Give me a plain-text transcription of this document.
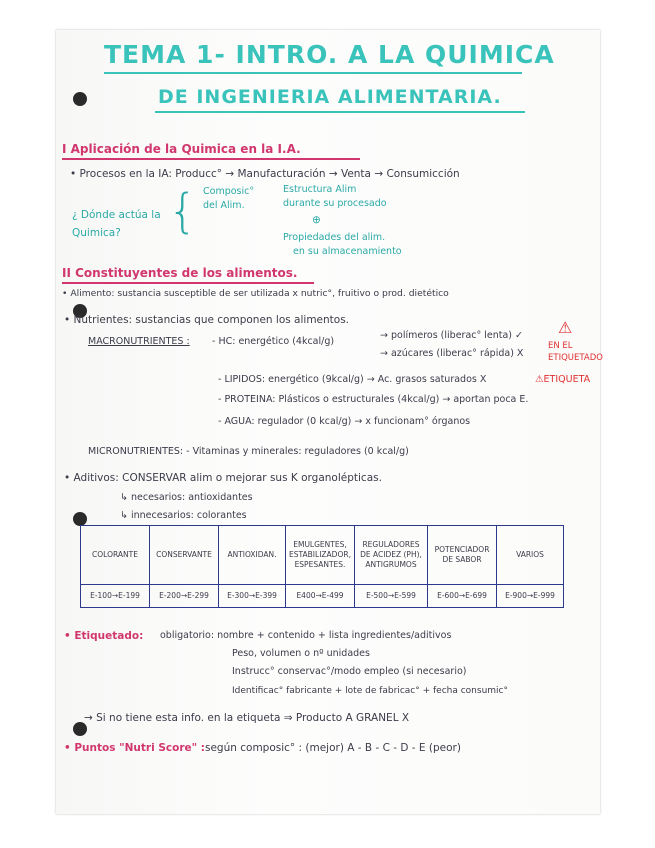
TEMA 1- INTRO. A LA QUIMICA
DE INGENIERIA ALIMENTARIA.
I Aplicación de la Quimica en la I.A.
• Procesos en la IA: Producc° → Manufacturación → Venta → Consumicción
¿ Dónde actúa la Quimica?	{ Composic°
del Alim.
Estructura Alim
durante su procesado
⊕
Propiedades del alim.
en su almacenamiento
II Constituyentes de los alimentos.
• Alimento: sustancia susceptible de ser utilizada x nutric°, fruitivo o prod. dietético
• Nutrientes: sustancias que componen los alimentos.
MACRONUTRIENTES : - HC: energético (4kcal/g)
→ polímeros (liberac° lenta) ✓
→ azúcares (liberac° rápida) X
⚠
EN EL ETIQUETADO
- LIPIDOS: energético (9kcal/g) → Ac. grasos saturados X	⚠ETIQUETA
- PROTEINA: Plásticos o estructurales (4kcal/g) → aportan poca E.
- AGUA: regulador (0 kcal/g) → x funcionam° órganos
MICRONUTRIENTES: - Vitaminas y minerales: reguladores (0 kcal/g)
• Aditivos: CONSERVAR alim o mejorar sus K organolépticas.
↳ necesarios: antioxidantes
↳ innecesarios: colorantes
COLORANTE	CONSERVANTE	ANTIOXIDAN.	EMULGENTES, ESTABILIZADOR, ESPESANTES.	REGULADORES DE ACIDEZ (PH), ANTIGRUMOS	POTENCIADOR DE SABOR	VARIOS
E-100→E-199	E-200→E-299	E-300→E-399	E400→E-499	E-500→E-599	E-600→E-699	E-900→E-999
• Etiquetado: obligatorio: nombre + contenido + lista ingredientes/aditivos
Peso, volumen o nº unidades
Instrucc° conservac°/modo empleo (si necesario)
Identificac° fabricante + lote de fabricac° + fecha consumic°
→ Si no tiene esta info. en la etiqueta ⇒ Producto A GRANEL X
• Puntos "Nutri Score" : según composic° : (mejor) A - B - C - D - E (peor)
